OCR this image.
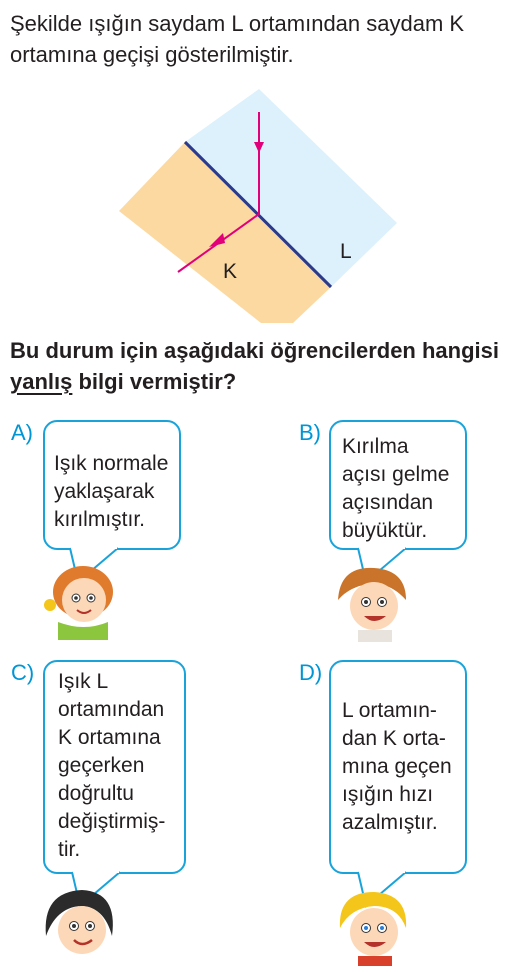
Şekilde ışığın saydam L ortamından saydam K ortamına geçişi gösterilmiştir.

K
L

Bu durum için aşağıdaki öğrencilerden hangisi yanlış bilgi vermiştir?

A)
Işık normale
yaklaşarak
kırılmıştır.
B)
Kırılma
açısı gelme
açısından
büyüktür.
C) Işık L
ortamından
K ortamına
geçerken
doğrultu
değiştirmiş-
tir.
D)
L ortamın-
dan K orta-
mına geçen
ışığın hızı
azalmıştır.
